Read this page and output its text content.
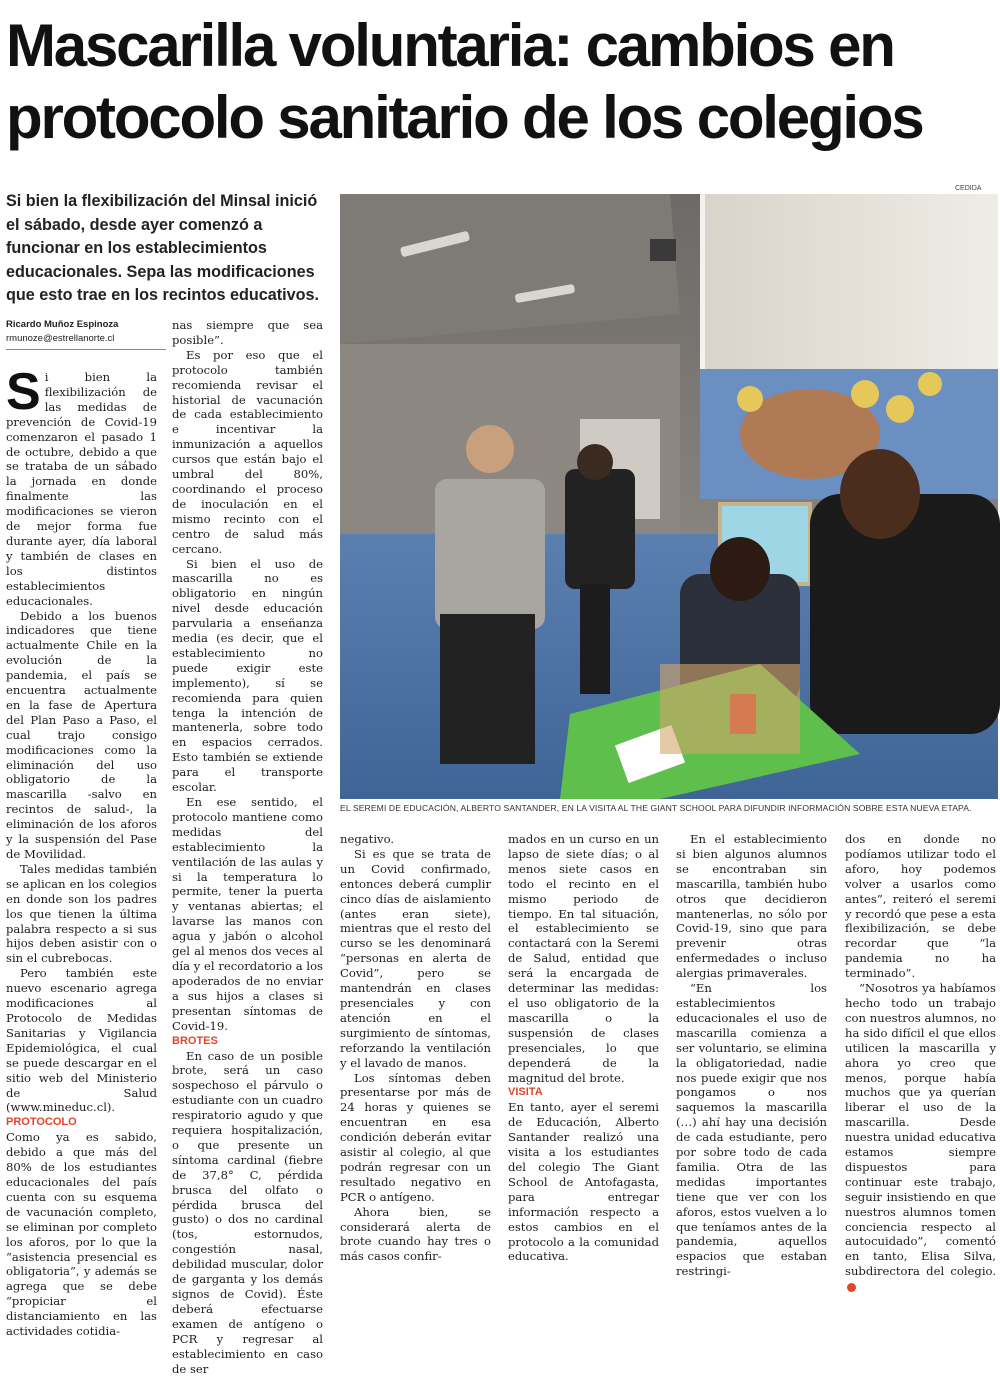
Mascarilla voluntaria: cambios en protocolo sanitario de los colegios

Si bien la flexibilización del Minsal inició el sábado, desde ayer comenzó a funcionar en los establecimientos educacionales. Sepa las modificaciones que esto trae en los recintos educativos.

Ricardo Muñoz Espinoza
rmunoze@estrellanorte.cl

Si bien la flexibilización de las medidas de prevención de Covid-19 comenzaron el pasado 1 de octubre, debido a que se trataba de un sábado la jornada en donde finalmente las modificaciones se vieron de mejor forma fue durante ayer, día laboral y también de clases en los distintos establecimientos educacionales.

Debido a los buenos indicadores que tiene actualmente Chile en la evolución de la pandemia, el país se encuentra actualmente en la fase de Apertura del Plan Paso a Paso, el cual trajo consigo modificaciones como la eliminación del uso obligatorio de la mascarilla -salvo en recintos de salud-, la eliminación de los aforos y la suspensión del Pase de Movilidad.

Tales medidas también se aplican en los colegios en donde son los padres los que tienen la última palabra respecto a si sus hijos deben asistir con o sin el cubrebocas.

Pero también este nuevo escenario agrega modificaciones al Protocolo de Medidas Sanitarias y Vigilancia Epidemiológica, el cual se puede descargar en el sitio web del Ministerio de Salud (www.mineduc.cl).

PROTOCOLO

Como ya es sabido, debido a que más del 80% de los estudiantes educacionales del país cuenta con su esquema de vacunación completo, se eliminan por completo los aforos, por lo que la “asistencia presencial es obligatoria”, y además se agrega que se debe “propiciar el distanciamiento en las actividades cotidia-

nas siempre que sea posible”.

Es por eso que el protocolo también recomienda revisar el historial de vacunación de cada establecimiento e incentivar la inmunización a aquellos cursos que están bajo el umbral del 80%, coordinando el proceso de inoculación en el mismo recinto con el centro de salud más cercano.

Si bien el uso de mascarilla no es obligatorio en ningún nivel desde educación parvularia a enseñanza media (es decir, que el establecimiento no puede exigir este implemento), sí se recomienda para quien tenga la intención de mantenerla, sobre todo en espacios cerrados. Esto también se extiende para el transporte escolar.

En ese sentido, el protocolo mantiene como medidas del establecimiento la ventilación de las aulas y si la temperatura lo permite, tener la puerta y ventanas abiertas; el lavarse las manos con agua y jabón o alcohol gel al menos dos veces al día y el recordatorio a los apoderados de no enviar a sus hijos a clases si presentan síntomas de Covid-19.

BROTES

En caso de un posible brote, será un caso sospechoso el párvulo o estudiante con un cuadro respiratorio agudo y que requiera hospitalización, o que presente un síntoma cardinal (fiebre de 37,8° C, pérdida brusca del olfato o pérdida brusca del gusto) o dos no cardinal (tos, estornudos, congestión nasal, debilidad muscular, dolor de garganta y los demás signos de Covid). Éste deberá efectuarse examen de antígeno o PCR y regresar al establecimiento en caso de ser

CEDIDA
EL SEREMI DE EDUCACIÓN, ALBERTO SANTANDER, EN LA VISITA AL THE GIANT SCHOOL PARA DIFUNDIR INFORMACIÓN SOBRE ESTA NUEVA ETAPA.

negativo.

Si es que se trata de un Covid confirmado, entonces deberá cumplir cinco días de aislamiento (antes eran siete), mientras que el resto del curso se les denominará “personas en alerta de Covid”, pero se mantendrán en clases presenciales y con atención en el surgimiento de síntomas, reforzando la ventilación y el lavado de manos.

Los síntomas deben presentarse por más de 24 horas y quienes se encuentran en esa condición deberán evitar asistir al colegio, al que podrán regresar con un resultado negativo en PCR o antígeno.

Ahora bien, se considerará alerta de brote cuando hay tres o más casos confir-

mados en un curso en un lapso de siete días; o al menos siete casos en todo el recinto en el mismo periodo de tiempo. En tal situación, el establecimiento se contactará con la Seremi de Salud, entidad que será la encargada de determinar las medidas: el uso obligatorio de la mascarilla o la suspensión de clases presenciales, lo que dependerá de la magnitud del brote.

VISITA

En tanto, ayer el seremi de Educación, Alberto Santander realizó una visita a los estudiantes del colegio The Giant School de Antofagasta, para entregar información respecto a estos cambios en el protocolo a la comunidad educativa.

En el establecimiento si bien algunos alumnos se encontraban sin mascarilla, también hubo otros que decidieron mantenerlas, no sólo por Covid-19, sino que para prevenir otras enfermedades o incluso alergias primaverales.

“En los establecimientos educacionales el uso de mascarilla comienza a ser voluntario, se elimina la obligatoriedad, nadie nos puede exigir que nos pongamos o nos saquemos la mascarilla (…) ahí hay una decisión de cada estudiante, pero por sobre todo de cada familia. Otra de las medidas importantes tiene que ver con los aforos, estos vuelven a lo que teníamos antes de la pandemia, aquellos espacios que estaban restringi-

dos en donde no podíamos utilizar todo el aforo, hoy podemos volver a usarlos como antes”, reiteró el seremi y recordó que pese a esta flexibilización, se debe recordar que “la pandemia no ha terminado”.

“Nosotros ya habíamos hecho todo un trabajo con nuestros alumnos, no ha sido difícil el que ellos utilicen la mascarilla y ahora yo creo que menos, porque había muchos que ya querían liberar el uso de la mascarilla. Desde nuestra unidad educativa estamos siempre dispuestos para continuar este trabajo, seguir insistiendo en que nuestros alumnos tomen conciencia respecto al autocuidado”, comentó en tanto, Elisa Silva, subdirectora del colegio.
